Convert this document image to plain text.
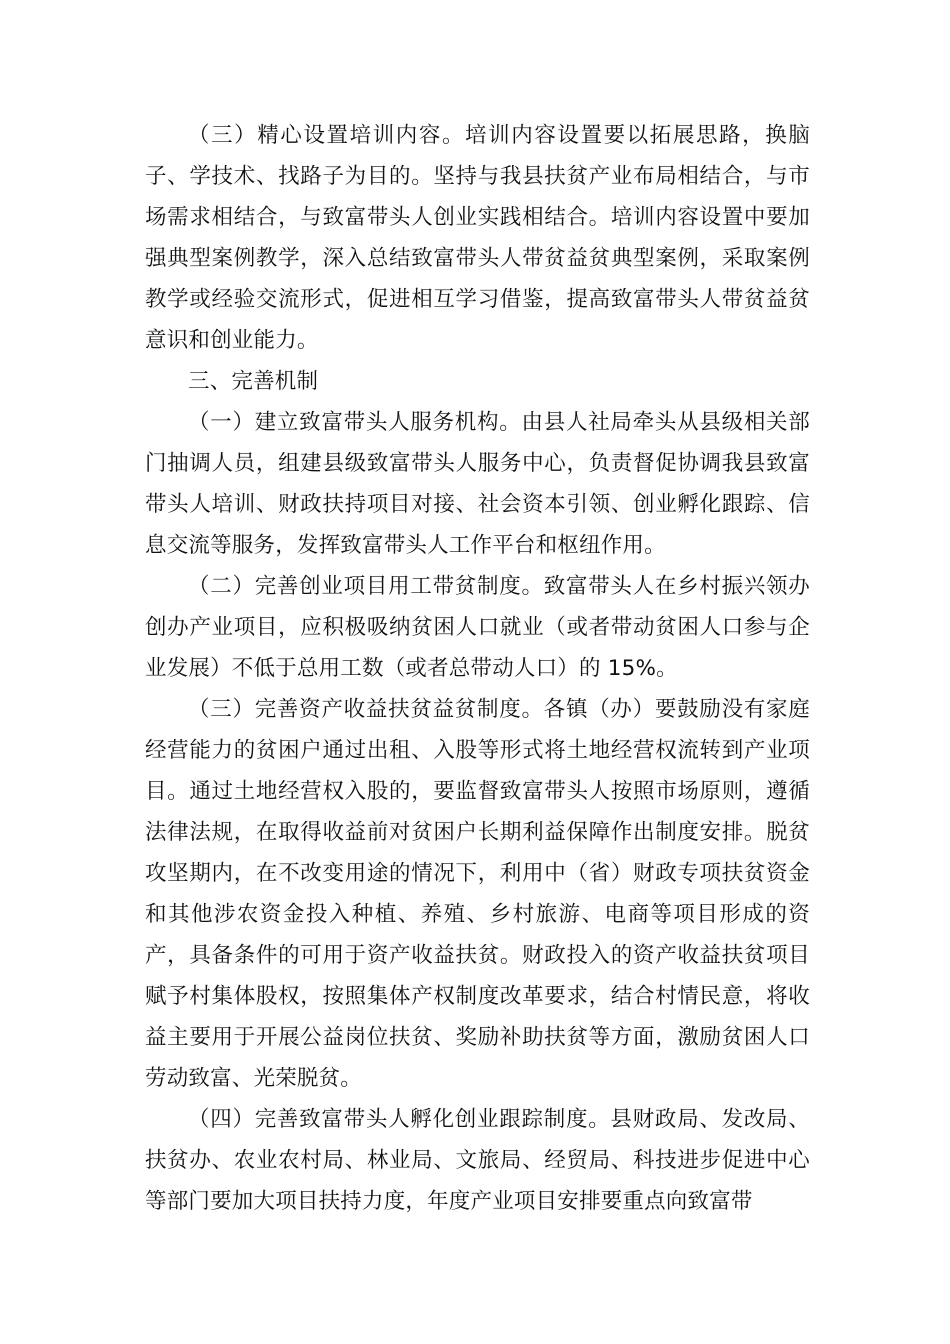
（三）精心设置培训内容。培训内容设置要以拓展思路，换脑子、学技术、找路子为目的。坚持与我县扶贫产业布局相结合，与市场需求相结合，与致富带头人创业实践相结合。培训内容设置中要加强典型案例教学，深入总结致富带头人带贫益贫典型案例，采取案例教学或经验交流形式，促进相互学习借鉴，提高致富带头人带贫益贫意识和创业能力。

三、完善机制

（一）建立致富带头人服务机构。由县人社局牵头从县级相关部门抽调人员，组建县级致富带头人服务中心，负责督促协调我县致富带头人培训、财政扶持项目对接、社会资本引领、创业孵化跟踪、信息交流等服务，发挥致富带头人工作平台和枢纽作用。

（二）完善创业项目用工带贫制度。致富带头人在乡村振兴领办创办产业项目，应积极吸纳贫困人口就业（或者带动贫困人口参与企业发展）不低于总用工数（或者总带动人口）的 15%。

（三）完善资产收益扶贫益贫制度。各镇（办）要鼓励没有家庭经营能力的贫困户通过出租、入股等形式将土地经营权流转到产业项目。通过土地经营权入股的，要监督致富带头人按照市场原则，遵循法律法规，在取得收益前对贫困户长期利益保障作出制度安排。脱贫攻坚期内，在不改变用途的情况下，利用中（省）财政专项扶贫资金和其他涉农资金投入种植、养殖、乡村旅游、电商等项目形成的资产，具备条件的可用于资产收益扶贫。财政投入的资产收益扶贫项目赋予村集体股权，按照集体产权制度改革要求，结合村情民意，将收益主要用于开展公益岗位扶贫、奖励补助扶贫等方面，激励贫困人口劳动致富、光荣脱贫。

（四）完善致富带头人孵化创业跟踪制度。县财政局、发改局、扶贫办、农业农村局、林业局、文旅局、经贸局、科技进步促进中心等部门要加大项目扶持力度，年度产业项目安排要重点向致富带
